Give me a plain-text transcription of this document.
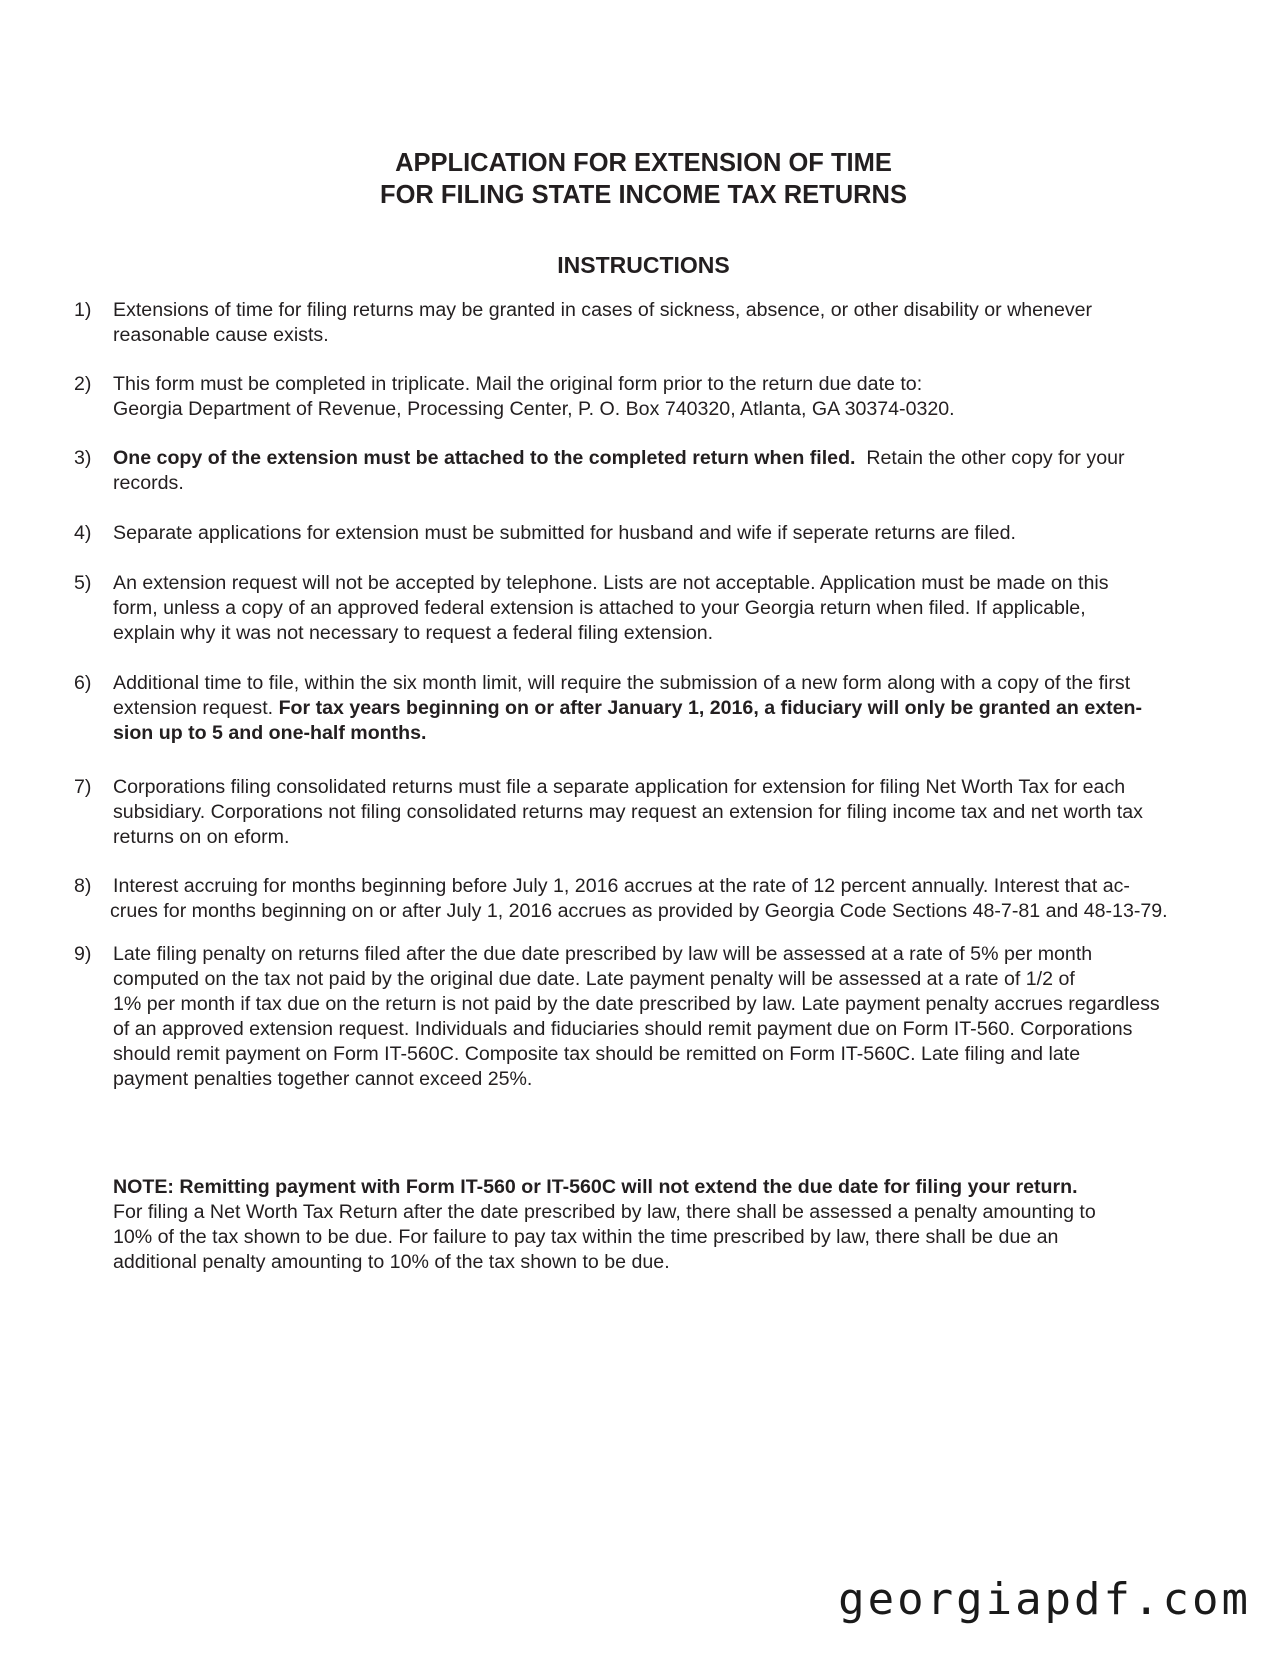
APPLICATION FOR EXTENSION OF TIME
FOR FILING STATE INCOME TAX RETURNS
INSTRUCTIONS
1)	Extensions of time for filing returns may be granted in cases of sickness, absence, or other disability or whenever
reasonable cause exists.
2)	This form must be completed in triplicate. Mail the original form prior to the return due date to:
Georgia Department of Revenue, Processing Center, P. O. Box 740320, Atlanta, GA 30374-0320.
3)	One copy of the extension must be attached to the completed return when filed.  Retain the other copy for your
records.
4)	Separate applications for extension must be submitted for husband and wife if seperate returns are filed.
5)	An extension request will not be accepted by telephone. Lists are not acceptable. Application must be made on this
form, unless a copy of an approved federal extension is attached to your Georgia return when filed. If applicable,
explain why it was not necessary to request a federal filing extension.
6)	Additional time to file, within the six month limit, will require the submission of a new form along with a copy of the first
extension request. For tax years beginning on or after January 1, 2016, a fiduciary will only be granted an exten-
sion up to 5 and one-half months.
7)	Corporations filing consolidated returns must file a separate application for extension for filing Net Worth Tax for each
subsidiary. Corporations not filing consolidated returns may request an extension for filing income tax and net worth tax
returns on on eform.
8)	Interest accruing for months beginning before July 1, 2016 accrues at the rate of 12 percent annually. Interest that ac-
crues for months beginning on or after July 1, 2016 accrues as provided by Georgia Code Sections 48-7-81 and 48-13-79.
9)	Late filing penalty on returns filed after the due date prescribed by law will be assessed at a rate of 5% per month
computed on the tax not paid by the original due date. Late payment penalty will be assessed at a rate of 1/2 of
1% per month if tax due on the return is not paid by the date prescribed by law. Late payment penalty accrues regardless
of an approved extension request. Individuals and fiduciaries should remit payment due on Form IT-560. Corporations
should remit payment on Form IT-560C. Composite tax should be remitted on Form IT-560C. Late filing and late
payment penalties together cannot exceed 25%.
NOTE: Remitting payment with Form IT-560 or IT-560C will not extend the due date for filing your return.
For filing a Net Worth Tax Return after the date prescribed by law, there shall be assessed a penalty amounting to
10% of the tax shown to be due. For failure to pay tax within the time prescribed by law, there shall be due an
additional penalty amounting to 10% of the tax shown to be due.
georgiapdf.com
